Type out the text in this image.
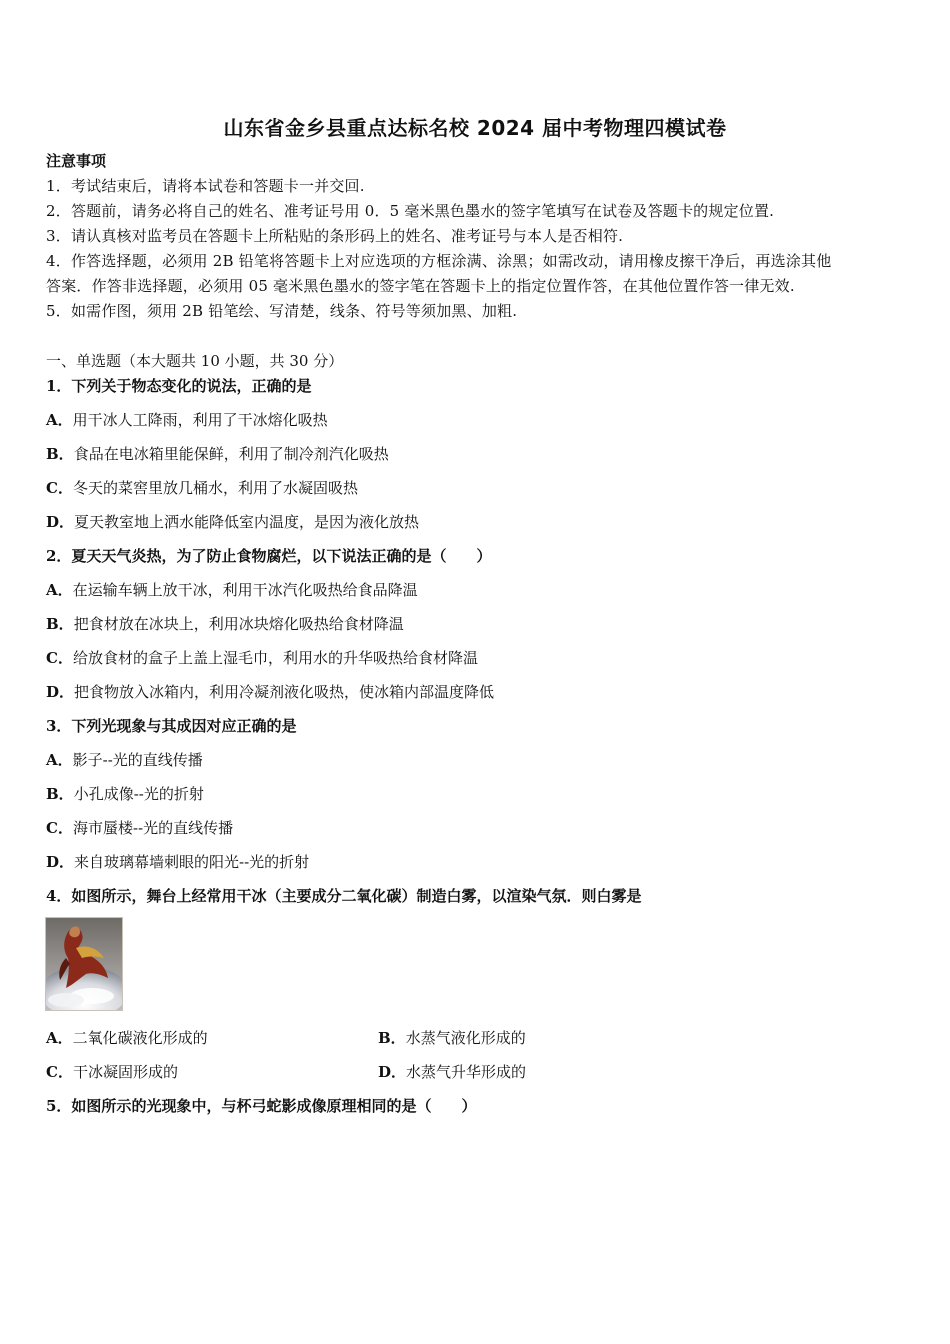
山东省金乡县重点达标名校 2024 届中考物理四模试卷
注意事项
1．考试结束后，请将本试卷和答题卡一并交回.
2．答题前，请务必将自己的姓名、准考证号用 0．5 毫米黑色墨水的签字笔填写在试卷及答题卡的规定位置.
3．请认真核对监考员在答题卡上所粘贴的条形码上的姓名、准考证号与本人是否相符.
4．作答选择题，必须用 2B 铅笔将答题卡上对应选项的方框涂满、涂黑；如需改动，请用橡皮擦干净后，再选涂其他
答案．作答非选择题，必须用 05 毫米黑色墨水的签字笔在答题卡上的指定位置作答，在其他位置作答一律无效.
5．如需作图，须用 2B 铅笔绘、写清楚，线条、符号等须加黑、加粗.
一、单选题（本大题共 10 小题，共 30 分）
1．下列关于物态变化的说法，正确的是
A．用干冰人工降雨，利用了干冰熔化吸热
B．食品在电冰箱里能保鲜，利用了制冷剂汽化吸热
C．冬天的菜窖里放几桶水，利用了水凝固吸热
D．夏天教室地上洒水能降低室内温度，是因为液化放热
2．夏天天气炎热，为了防止食物腐烂，以下说法正确的是（　　）
A．在运输车辆上放干冰，利用干冰汽化吸热给食品降温
B．把食材放在冰块上，利用冰块熔化吸热给食材降温
C．给放食材的盒子上盖上湿毛巾，利用水的升华吸热给食材降温
D．把食物放入冰箱内，利用冷凝剂液化吸热，使冰箱内部温度降低
3．下列光现象与其成因对应正确的是
A．影子--光的直线传播
B．小孔成像--光的折射
C．海市蜃楼--光的直线传播
D．来自玻璃幕墙刺眼的阳光--光的折射
4．如图所示，舞台上经常用干冰（主要成分二氧化碳）制造白雾，以渲染气氛．则白雾是
A．二氧化碳液化形成的	B．水蒸气液化形成的
C．干冰凝固形成的	D．水蒸气升华形成的
5．如图所示的光现象中，与杯弓蛇影成像原理相同的是（　　）
